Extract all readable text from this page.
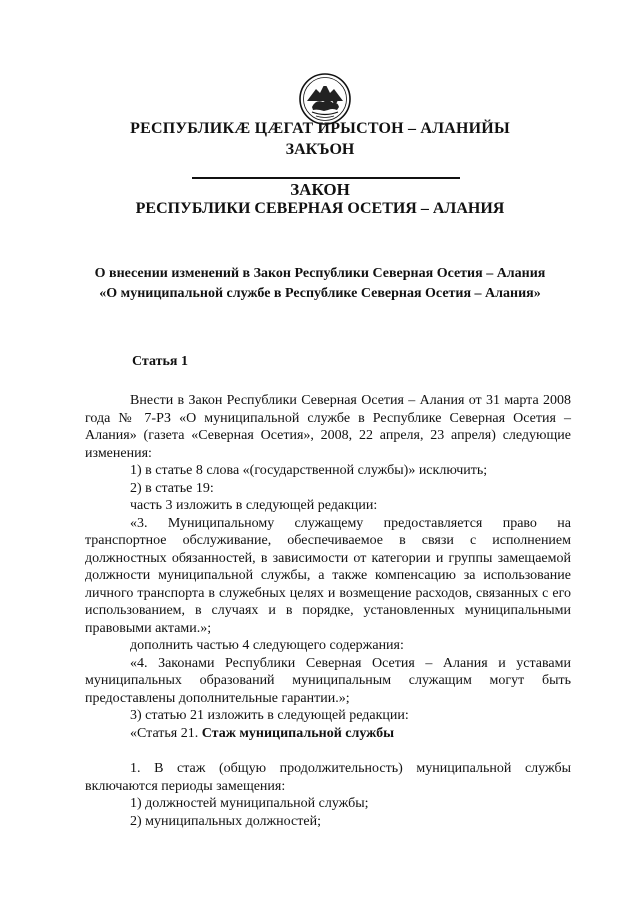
РЕСПУБЛИКÆ ЦÆГАТ ИРЫСТОН – АЛАНИЙЫ
ЗАКЪОН
ЗАКОН
РЕСПУБЛИКИ СЕВЕРНАЯ ОСЕТИЯ – АЛАНИЯ
О внесении изменений в Закон Республики Северная Осетия – Алания
«О муниципальной службе в Республике Северная Осетия – Алания»
Статья 1

Внести в Закон Республики Северная Осетия – Алания от 31 марта 2008 года № 7-РЗ «О муниципальной службе в Республике Северная Осетия – Алания» (газета «Северная Осетия», 2008, 22 апреля, 23 апреля) следующие изменения:

1) в статье 8 слова «(государственной службы)» исключить;

2) в статье 19:

часть 3 изложить в следующей редакции:

«3. Муниципальному служащему предоставляется право на транспортное обслуживание, обеспечиваемое в связи с исполнением должностных обязанностей, в зависимости от категории и группы замещаемой должности муниципальной службы, а также компенсацию за использование личного транспорта в служебных целях и возмещение расходов, связанных с его использованием, в случаях и в порядке, установленных муниципальными правовыми актами.»;

дополнить частью 4 следующего содержания:

«4. Законами Республики Северная Осетия – Алания и уставами муниципальных образований муниципальным служащим могут быть предоставлены дополнительные гарантии.»;

3) статью 21 изложить в следующей редакции:

«Статья 21. Стаж муниципальной службы

1. В стаж (общую продолжительность) муниципальной службы включаются периоды замещения:

1) должностей муниципальной службы;

2) муниципальных должностей;
